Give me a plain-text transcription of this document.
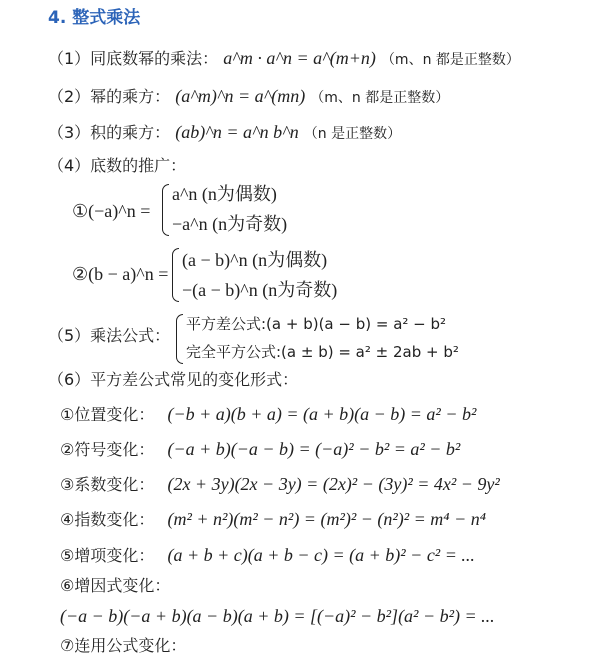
4. 整式乘法
（1）同底数幂的乘法： a^m · a^n = a^(m+n) （m、n 都是正整数）
（2）幂的乘方： (a^m)^n = a^(mn) （m、n 都是正整数）
（3）积的乘方： (ab)^n = a^n b^n （n 是正整数）
（4）底数的推广：
①(−a)^n =
a^n (n为偶数)
−a^n (n为奇数)
②(b − a)^n =
(a − b)^n (n为偶数)
−(a − b)^n (n为奇数)
（5）乘法公式：
平方差公式:(a + b)(a − b) = a² − b²
完全平方公式:(a ± b) = a² ± 2ab + b²
（6）平方差公式常见的变化形式：
①位置变化： (−b + a)(b + a) = (a + b)(a − b) = a² − b²
②符号变化： (−a + b)(−a − b) = (−a)² − b² = a² − b²
③系数变化： (2x + 3y)(2x − 3y) = (2x)² − (3y)² = 4x² − 9y²
④指数变化： (m² + n²)(m² − n²) = (m²)² − (n²)² = m⁴ − n⁴
⑤增项变化： (a + b + c)(a + b − c) = (a + b)² − c² = ...
⑥增因式变化：
(−a − b)(−a + b)(a − b)(a + b) = [(−a)² − b²](a² − b²) = ...
⑦连用公式变化：
